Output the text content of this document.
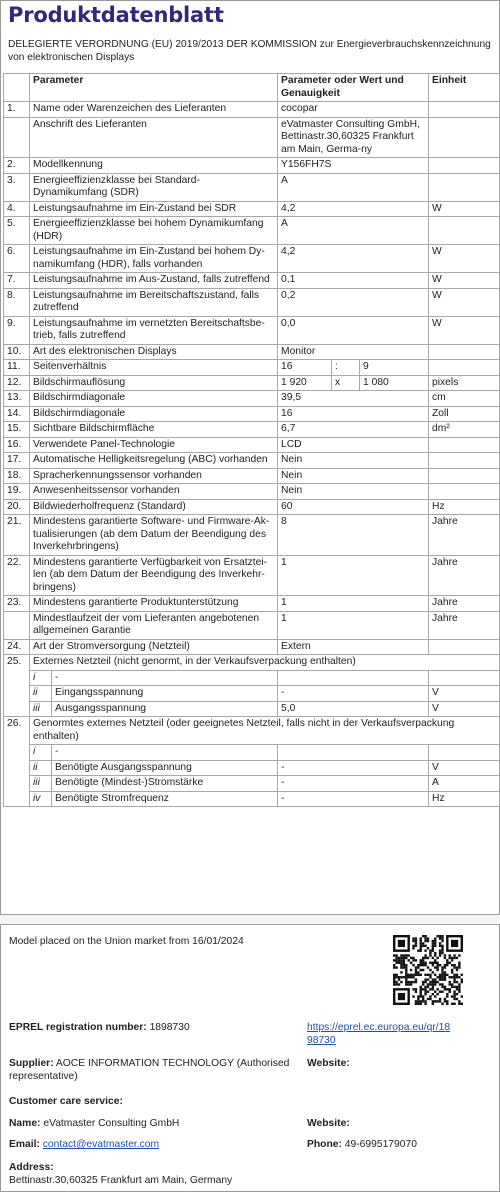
Produktdatenblatt
DELEGIERTE VERORDNUNG (EU) 2019/2013 DER KOMMISSION zur Energieverbrauchskennzeichnung von elektronischen Displays
	Parameter		Parameter oder Wert und Genauigkeit			Einheit
1.	Name oder Warenzeichen des Lieferanten		cocopar			
	Anschrift des Lieferanten		eVatmaster Consulting GmbH, Bettinastr.30,60325 Frankfurt am Main, Germa-ny			
2.	Modellkennung		Y156FH7S			
3.	Energieeffizienzklasse bei Standard-Dynamikumfang (SDR)		A			
4.	Leistungsaufnahme im Ein-Zustand bei SDR		4,2			W
5.	Energieeffizienzklasse bei hohem Dynamikumfang (HDR)		A			
6.	Leistungsaufnahme im Ein-Zustand bei hohem Dy-namikumfang (HDR), falls vorhanden		4,2			W
7.	Leistungsaufnahme im Aus-Zustand, falls zutreffend		0,1			W
8.	Leistungsaufnahme im Bereitschaftszustand, falls zutreffend		0,2			W
9.	Leistungsaufnahme im vernetzten Bereitschaftsbe-trieb, falls zutreffend		0,0			W
10.	Art des elektronischen Displays		Monitor			
11.	Seitenverhältnis		16	:	9	
12.	Bildschirmauflösung		1 920	x	1 080	pixels
13.	Bildschirmdiagonale		39,5			cm
14.	Bildschirmdiagonale		16			Zoll
15.	Sichtbare Bildschirmfläche		6,7			dm²
16.	Verwendete Panel-Technologie		LCD			
17.	Automatische Helligkeitsregelung (ABC) vorhanden		Nein			
18.	Spracherkennungssensor vorhanden		Nein			
19.	Anwesenheitssensor vorhanden		Nein			
20.	Bildwiederholfrequenz (Standard)		60			Hz
21.	Mindestens garantierte Software- und Firmware-Ak-tualisierungen (ab dem Datum der Beendigung des Inverkehrbringens)		8			Jahre
22.	Mindestens garantierte Verfügbarkeit von Ersatztei-len (ab dem Datum der Beendigung des Inverkehr-bringens)		1			Jahre
23.	Mindestens garantierte Produktunterstützung		1			Jahre
	Mindestlaufzeit der vom Lieferanten angebotenen allgemeinen Garantie		1			Jahre
24.	Art der Stromversorgung (Netzteil)		Extern			
25.	Externes Netzteil (nicht genormt, in der Verkaufsverpackung enthalten)					
	i	-				
	ii	Eingangsspannung	-			V
	iii	Ausgangsspannung	5,0			V
26.	Genormtes externes Netzteil (oder geeignetes Netzteil, falls nicht in der Verkaufsverpackung enthalten)					
	i	-				
	ii	Benötigte Ausgangsspannung	-			V
	iii	Benötigte (Mindest-)Stromstärke	-			A
	iv	Benötigte Stromfrequenz	-			Hz
Model placed on the Union market from 16/01/2024
EPREL registration number: 1898730	https://eprel.ec.europa.eu/qr/18
98730
Supplier: AOCE INFORMATION TECHNOLOGY (Authorised
representative)
Website:
Customer care service:
Name: eVatmaster Consulting GmbH	Website:
Email: contact@evatmaster.com	Phone: 49-6995179070
Address:
Bettinastr.30,60325 Frankfurt am Main, Germany
